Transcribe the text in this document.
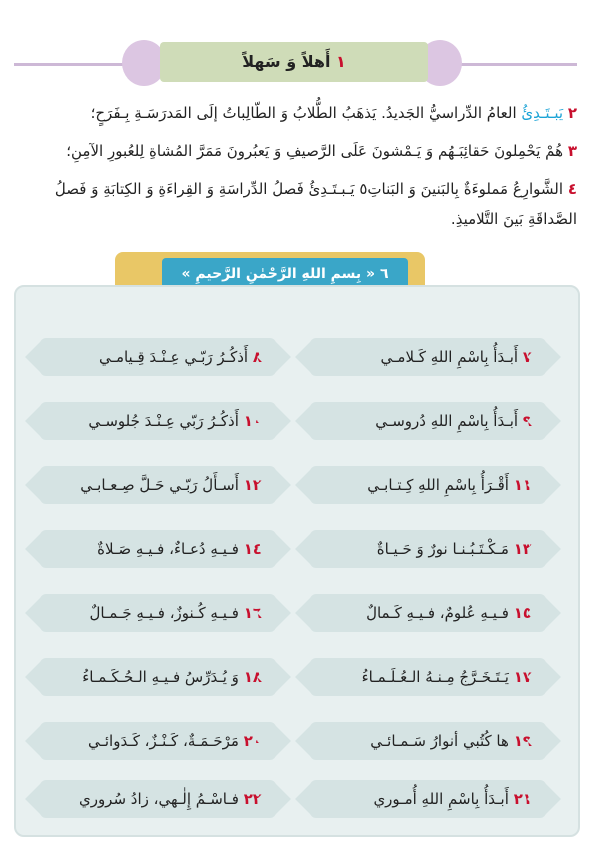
١ أَهلاً وَ سَهلاً
٢ يَبـتَـدِئُ العامُ الدِّراسيُّ الجَديدُ. يَذهَبُ الطُّلابُ وَ الطّالِباتُ إلَى المَدرَسَـةِ بِـفَرَحٍ؛
٣ هُمْ يَحْمِلونَ حَقائِبَـهُم وَ يَـمْشونَ عَلَى الرَّصيفِ وَ يَعبُرونَ مَمَرَّ المُشاةِ لِلعُبورِ الآمِنِ؛
٤ الشَّوارِعُ مَملوءَةٌ بِالبَنينَ وَ البَناتِ٥ يَـبـتَـدِئُ فَصلُ الدِّراسَةِ وَ القِراءَةِ وَ الكِتابَةِ وَ فَصلُ الصَّداقَةِ بَينَ التَّلاميذِ.
٦ « بِسمِ اللهِ الرَّحْمٰنِ الرَّحيمِ »
٧ أَبـدَأُ بِاسْمِ اللهِ كَـلامـي
٨ أَذكُـرُ رَبّـي عِـنْـدَ قِـيامـي
٩ أَبـدَأُ بِاسْمِ اللهِ دُروسـي
١٠ أَذكُـرُ رَبّي عِـنْـدَ جُلوسـي
١١ أَقْـرَأُ بِاسْمِ اللهِ كِـتـابـي
١٢ أَسـأَلُ رَبّـي حَـلَّ صِـعـابـي
١٣ مَـكْـتَـبُـنـا نورٌ وَ حَـيـاةٌ
١٤ فـيـهِ دُعـاءٌ، فـيـهِ صَـلاةٌ
١٥ فـيـهِ عُلومٌ، فـيـهِ كَـمالٌ
١٦ فـيـهِ كُـنوزٌ، فـيـهِ جَـمـالٌ
١٧ يَـتَـخَـرَّجُ مِـنـهُ الـعُـلَـمـاءُ
١٨ وَ يُـدَرِّسُ فـيـهِ الـحُـكَـمـاءُ
١٩ ها كُتُبي أنوارُ سَـمـائـي
٢٠ مَرْحَـمَـةٌ، كَـنْـزٌ، كَـدَوائـي
٢١ أَبـدَأُ بِاسْمِ اللهِ أُمـوري
٢٢ فـاسْـمُ إِلٰـهي، زادُ سُروري
